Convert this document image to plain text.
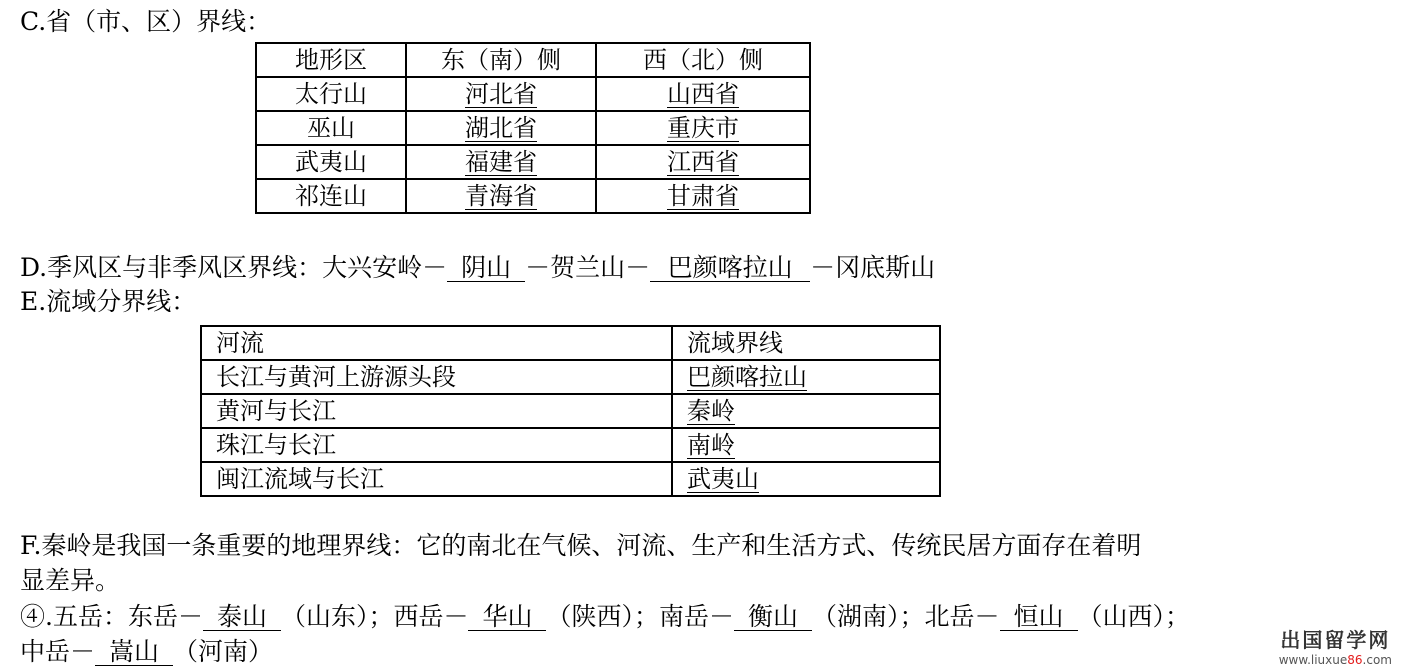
C.省（市、区）界线：
地形区	东（南）侧	西（北）侧
太行山	河北省	山西省
巫山	湖北省	重庆市
武夷山	福建省	江西省
祁连山	青海省	甘肃省
D.季风区与非季风区界线：大兴安岭－ 阴山 －贺兰山－ 巴颜喀拉山 －冈底斯山
E.流域分界线：
河流	流域界线
长江与黄河上游源头段	巴颜喀拉山
黄河与长江	秦岭
珠江与长江	南岭
闽江流域与长江	武夷山
F.秦岭是我国一条重要的地理界线：它的南北在气候、河流、生产和生活方式、传统民居方面存在着明
显差异。
④.五岳：东岳－ 泰山 （山东）；西岳－ 华山 （陕西）；南岳－ 衡山 （湖南）；北岳－ 恒山 （山西）；
中岳－ 嵩山 （河南）	出国留学网
www.liuxue86.com
